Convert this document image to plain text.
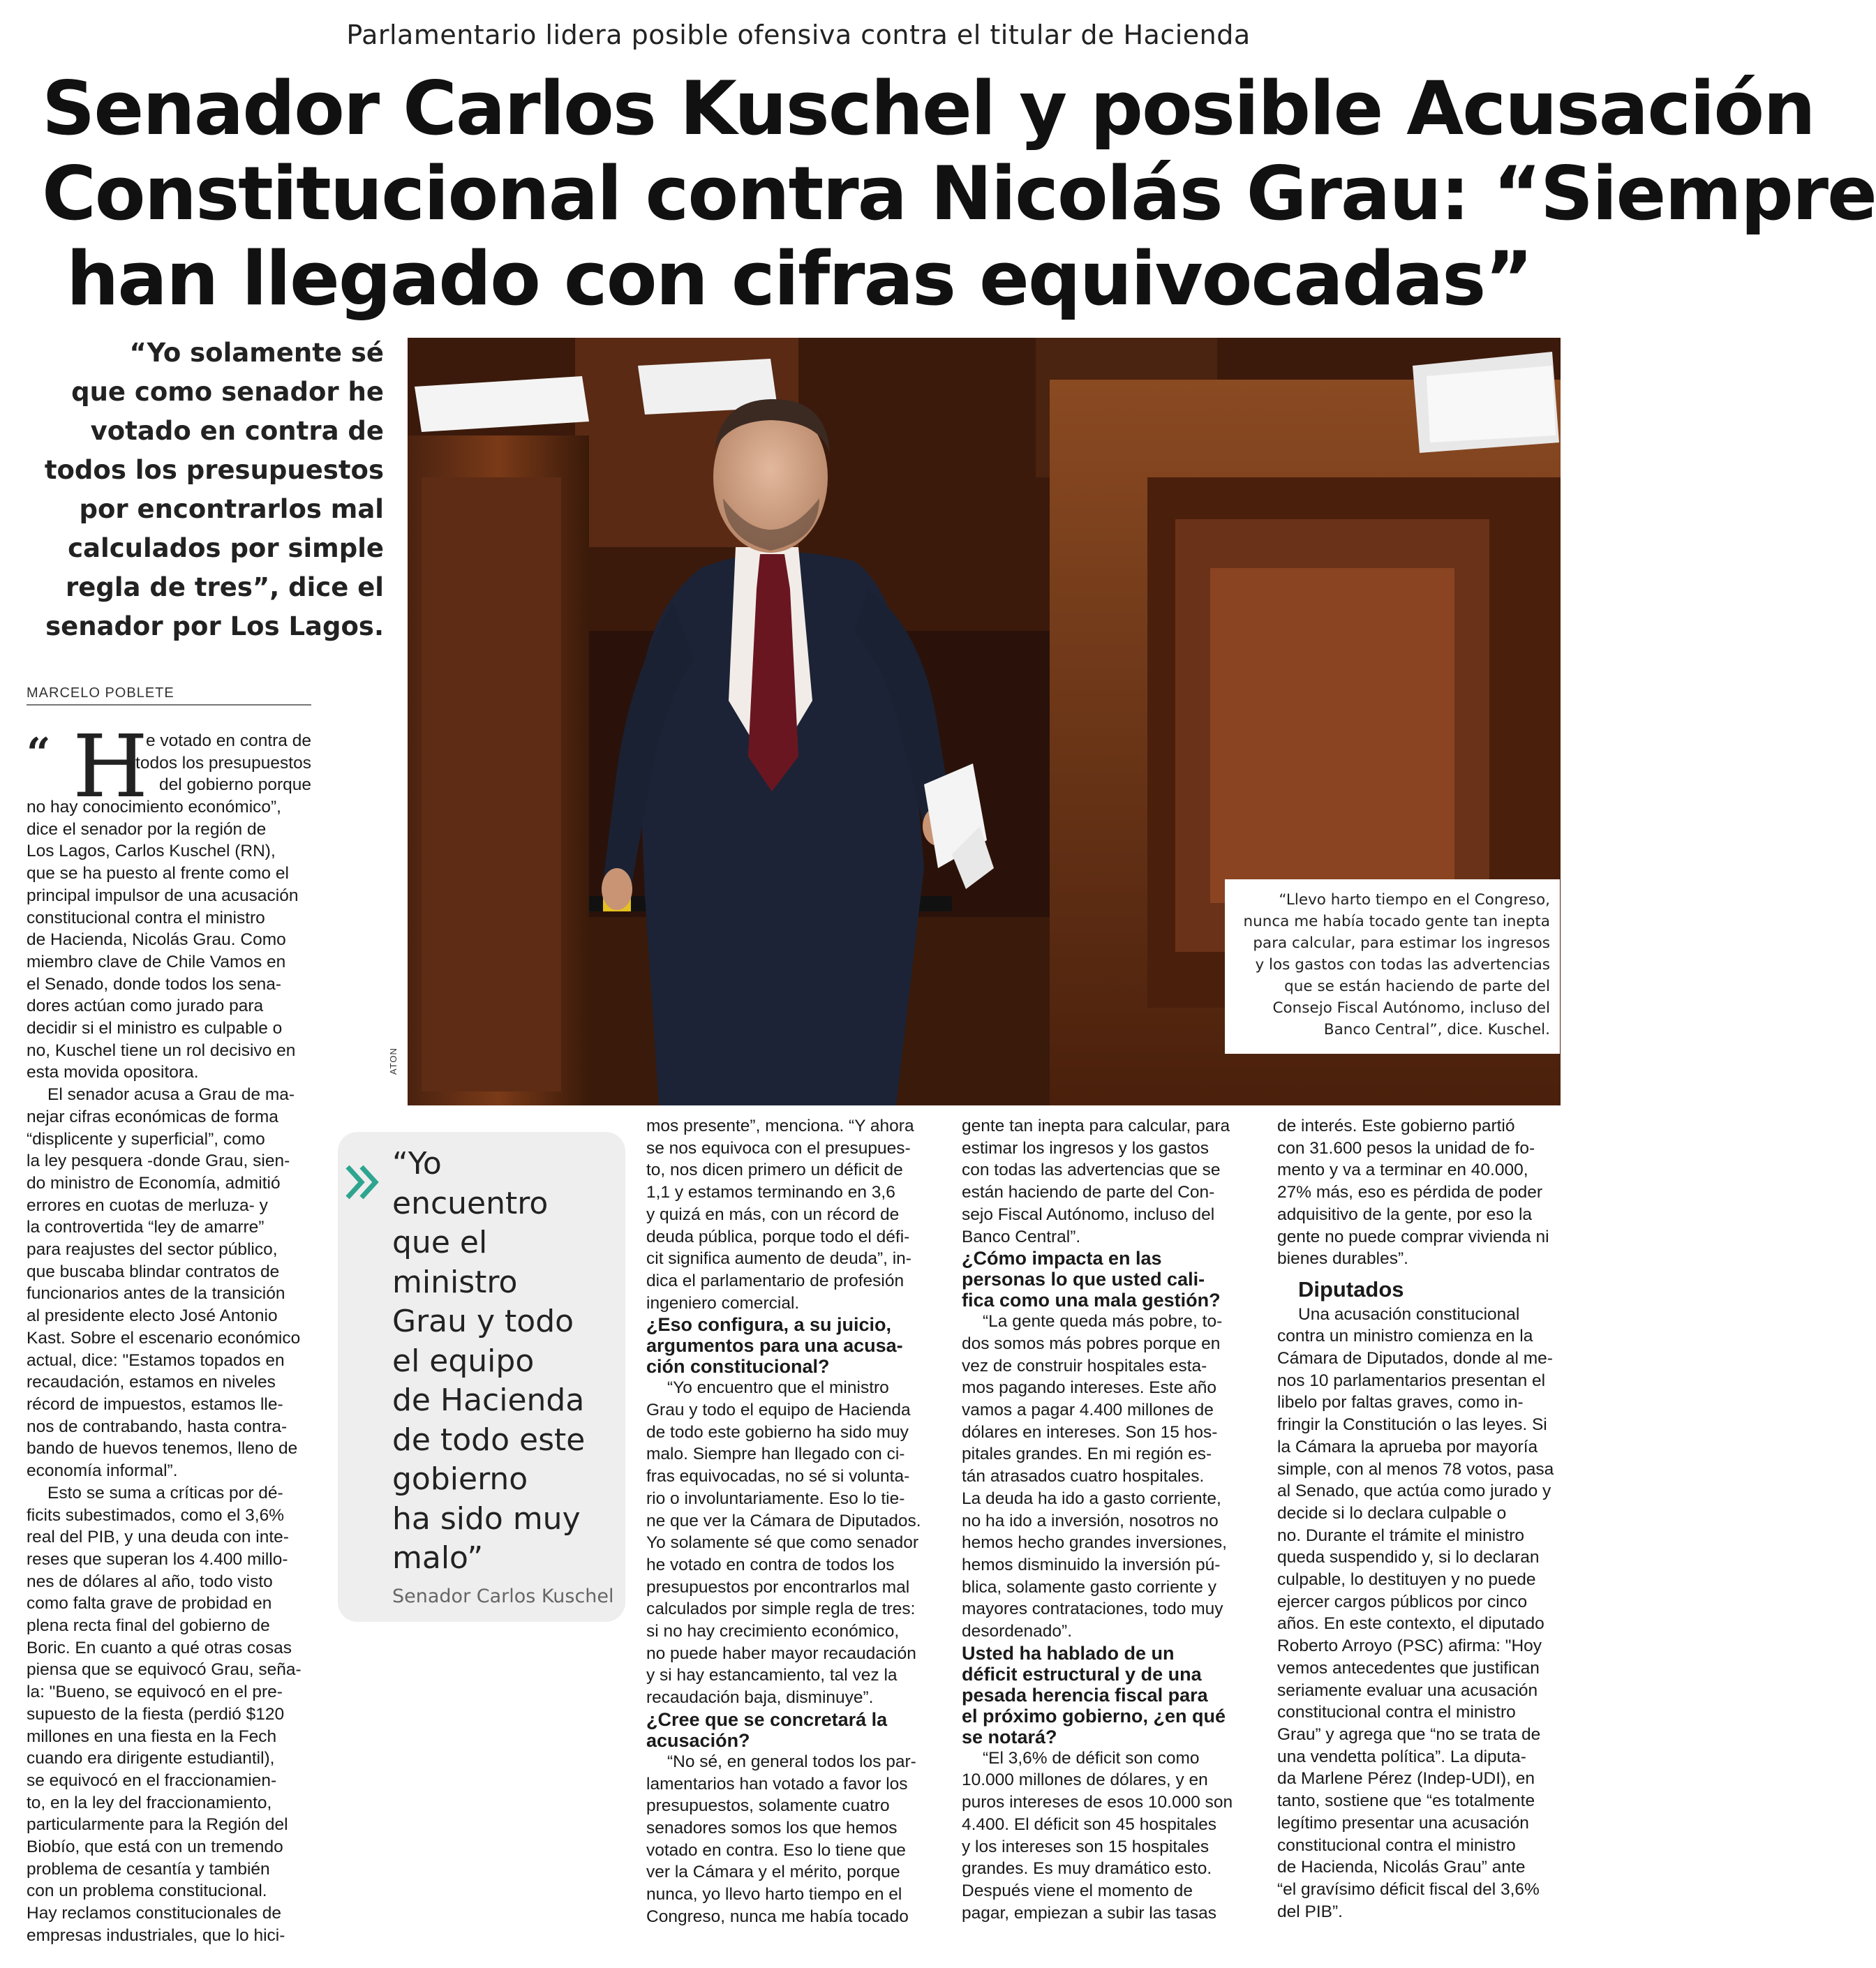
Parlamentario lidera posible ofensiva contra el titular de Hacienda
Senador Carlos Kuschel y posible Acusación
Constitucional contra Nicolás Grau: “Siempre
han llegado con cifras equivocadas”

“Yo solamente sé
que como senador he
votado en contra de
todos los presupuestos
por encontrarlos mal
calculados por simple
regla de tres”, dice el
senador por Los Lagos.

MARCELO POBLETE
ATON
“Llevo harto tiempo en el Congreso,
nunca me había tocado gente tan inepta
para calcular, para estimar los ingresos
y los gastos con todas las advertencias
que se están haciendo de parte del
Consejo Fiscal Autónomo, incluso del
Banco Central”, dice. Kuschel.
“ H
e votado en contra de
todos los presupuestos
del gobierno porque
no hay conocimiento económico”,
dice el senador por la región de
Los Lagos, Carlos Kuschel (RN),
que se ha puesto al frente como el
principal impulsor de una acusación
constitucional contra el ministro
de Hacienda, Nicolás Grau. Como
miembro clave de Chile Vamos en
el Senado, donde todos los sena-
dores actúan como jurado para
decidir si el ministro es culpable o
no, Kuschel tiene un rol decisivo en
esta movida opositora.
El senador acusa a Grau de ma-
nejar cifras económicas de forma
“displicente y superficial”, como
la ley pesquera -donde Grau, sien-
do ministro de Economía, admitió
errores en cuotas de merluza- y
la controvertida “ley de amarre”
para reajustes del sector público,
que buscaba blindar contratos de
funcionarios antes de la transición
al presidente electo José Antonio
Kast. Sobre el escenario económico
actual, dice: "Estamos topados en
recaudación, estamos en niveles
récord de impuestos, estamos lle-
nos de contrabando, hasta contra-
bando de huevos tenemos, lleno de
economía informal”.
Esto se suma a críticas por dé-
ficits subestimados, como el 3,6%
real del PIB, y una deuda con inte-
reses que superan los 4.400 millo-
nes de dólares al año, todo visto
como falta grave de probidad en
plena recta final del gobierno de
Boric. En cuanto a qué otras cosas
piensa que se equivocó Grau, seña-
la: "Bueno, se equivocó en el pre-
supuesto de la fiesta (perdió $120
millones en una fiesta en la Fech
cuando era dirigente estudiantil),
se equivocó en el fraccionamien-
to, en la ley del fraccionamiento,
particularmente para la Región del
Biobío, que está con un tremendo
problema de cesantía y también
con un problema constitucional.
Hay reclamos constitucionales de
empresas industriales, que lo hici-

“Yo
encuentro
que el
ministro
Grau y todo
el equipo
de Hacienda
de todo este
gobierno
ha sido muy
malo”

Senador Carlos Kuschel
mos presente”, menciona. “Y ahora
se nos equivoca con el presupues-
to, nos dicen primero un déficit de
1,1 y estamos terminando en 3,6
y quizá en más, con un récord de
deuda pública, porque todo el défi-
cit significa aumento de deuda”, in-
dica el parlamentario de profesión
ingeniero comercial.
¿Eso configura, a su juicio,
argumentos para una acusa-
ción constitucional?
“Yo encuentro que el ministro
Grau y todo el equipo de Hacienda
de todo este gobierno ha sido muy
malo. Siempre han llegado con ci-
fras equivocadas, no sé si volunta-
rio o involuntariamente. Eso lo tie-
ne que ver la Cámara de Diputados.
Yo solamente sé que como senador
he votado en contra de todos los
presupuestos por encontrarlos mal
calculados por simple regla de tres:
si no hay crecimiento económico,
no puede haber mayor recaudación
y si hay estancamiento, tal vez la
recaudación baja, disminuye”.
¿Cree que se concretará la
acusación?
“No sé, en general todos los par-
lamentarios han votado a favor los
presupuestos, solamente cuatro
senadores somos los que hemos
votado en contra. Eso lo tiene que
ver la Cámara y el mérito, porque
nunca, yo llevo harto tiempo en el
Congreso, nunca me había tocado
gente tan inepta para calcular, para
estimar los ingresos y los gastos
con todas las advertencias que se
están haciendo de parte del Con-
sejo Fiscal Autónomo, incluso del
Banco Central”.
¿Cómo impacta en las
personas lo que usted cali-
fica como una mala gestión?
“La gente queda más pobre, to-
dos somos más pobres porque en
vez de construir hospitales esta-
mos pagando intereses. Este año
vamos a pagar 4.400 millones de
dólares en intereses. Son 15 hos-
pitales grandes. En mi región es-
tán atrasados cuatro hospitales.
La deuda ha ido a gasto corriente,
no ha ido a inversión, nosotros no
hemos hecho grandes inversiones,
hemos disminuido la inversión pú-
blica, solamente gasto corriente y
mayores contrataciones, todo muy
desordenado”.
Usted ha hablado de un
déficit estructural y de una
pesada herencia fiscal para
el próximo gobierno, ¿en qué
se notará?
“El 3,6% de déficit son como
10.000 millones de dólares, y en
puros intereses de esos 10.000 son
4.400. El déficit son 45 hospitales
y los intereses son 15 hospitales
grandes. Es muy dramático esto.
Después viene el momento de
pagar, empiezan a subir las tasas
de interés. Este gobierno partió
con 31.600 pesos la unidad de fo-
mento y va a terminar en 40.000,
27% más, eso es pérdida de poder
adquisitivo de la gente, por eso la
gente no puede comprar vivienda ni
bienes durables”.
Diputados
Una acusación constitucional
contra un ministro comienza en la
Cámara de Diputados, donde al me-
nos 10 parlamentarios presentan el
libelo por faltas graves, como in-
fringir la Constitución o las leyes. Si
la Cámara la aprueba por mayoría
simple, con al menos 78 votos, pasa
al Senado, que actúa como jurado y
decide si lo declara culpable o
no. Durante el trámite el ministro
queda suspendido y, si lo declaran
culpable, lo destituyen y no puede
ejercer cargos públicos por cinco
años. En este contexto, el diputado
Roberto Arroyo (PSC) afirma: "Hoy
vemos antecedentes que justifican
seriamente evaluar una acusación
constitucional contra el ministro
Grau” y agrega que “no se trata de
una vendetta política”. La diputa-
da Marlene Pérez (Indep-UDI), en
tanto, sostiene que “es totalmente
legítimo presentar una acusación
constitucional contra el ministro
de Hacienda, Nicolás Grau” ante
“el gravísimo déficit fiscal del 3,6%
del PIB”.
